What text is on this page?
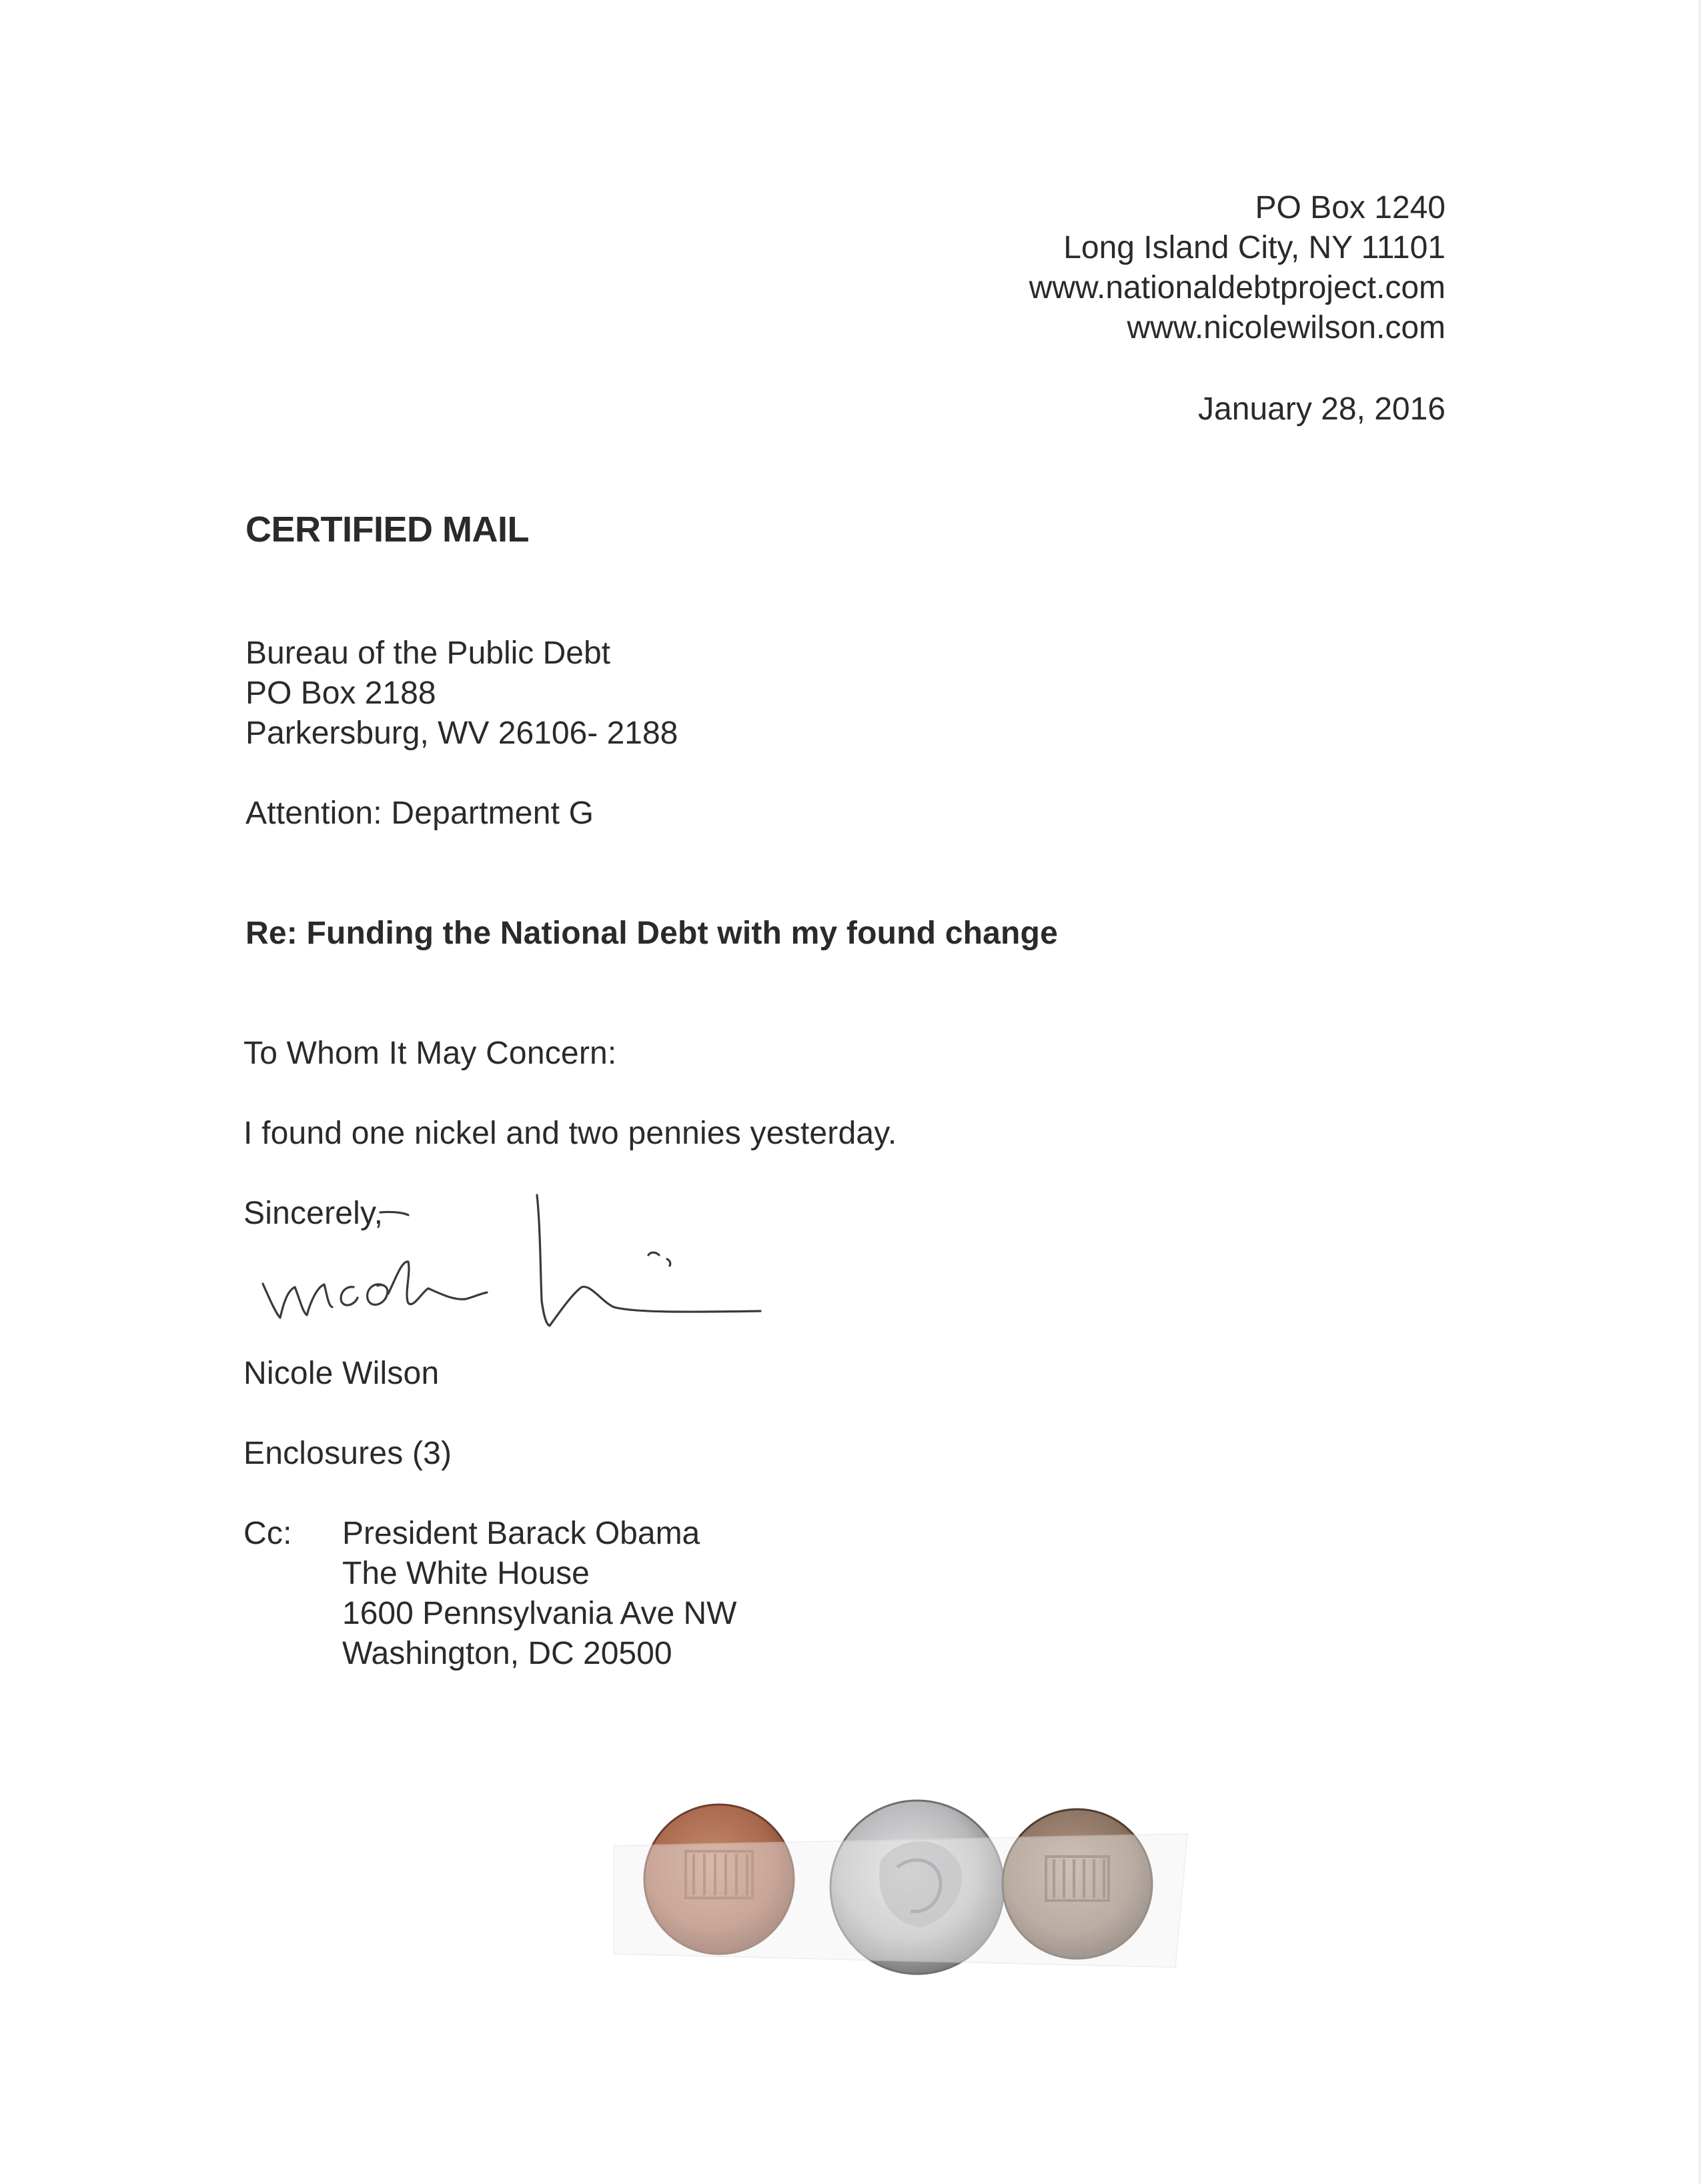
PO Box 1240
Long Island City, NY 11101
www.nationaldebtproject.com
www.nicolewilson.com
January 28, 2016
CERTIFIED MAIL
Bureau of the Public Debt
PO Box 2188
Parkersburg, WV 26106- 2188
Attention: Department G
Re: Funding the National Debt with my found change
To Whom It May Concern:
I found one nickel and two pennies yesterday.
Sincerely,
Nicole Wilson
Enclosures (3)
Cc: President Barack Obama
The White House
1600 Pennsylvania Ave NW
Washington, DC 20500
